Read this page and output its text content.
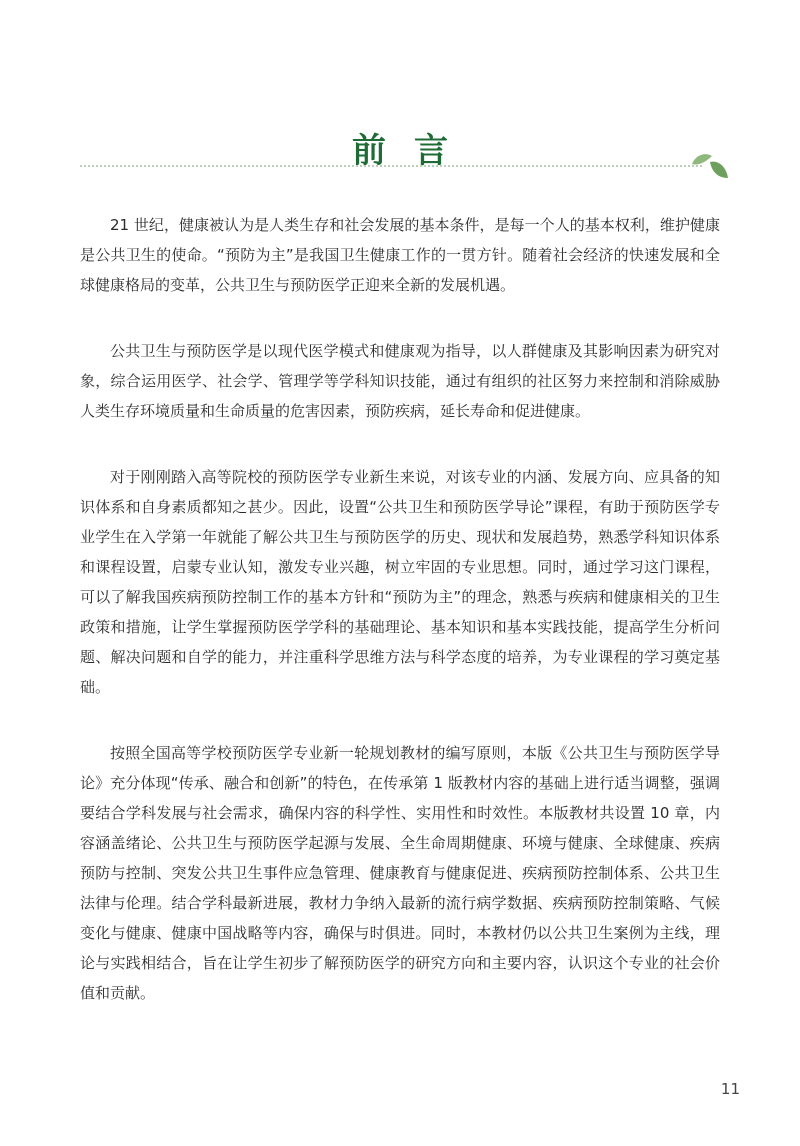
前言

21 世纪，健康被认为是人类生存和社会发展的基本条件，是每一个人的基本权利，维护健康是公共卫生的使命。“预防为主”是我国卫生健康工作的一贯方针。随着社会经济的快速发展和全球健康格局的变革，公共卫生与预防医学正迎来全新的发展机遇。

公共卫生与预防医学是以现代医学模式和健康观为指导，以人群健康及其影响因素为研究对象，综合运用医学、社会学、管理学等学科知识技能，通过有组织的社区努力来控制和消除威胁人类生存环境质量和生命质量的危害因素，预防疾病，延长寿命和促进健康。

对于刚刚踏入高等院校的预防医学专业新生来说，对该专业的内涵、发展方向、应具备的知识体系和自身素质都知之甚少。因此，设置“公共卫生和预防医学导论”课程，有助于预防医学专业学生在入学第一年就能了解公共卫生与预防医学的历史、现状和发展趋势，熟悉学科知识体系和课程设置，启蒙专业认知，激发专业兴趣，树立牢固的专业思想。同时，通过学习这门课程，可以了解我国疾病预防控制工作的基本方针和“预防为主”的理念，熟悉与疾病和健康相关的卫生政策和措施，让学生掌握预防医学学科的基础理论、基本知识和基本实践技能，提高学生分析问题、解决问题和自学的能力，并注重科学思维方法与科学态度的培养，为专业课程的学习奠定基础。

按照全国高等学校预防医学专业新一轮规划教材的编写原则，本版《公共卫生与预防医学导论》充分体现“传承、融合和创新”的特色，在传承第 1 版教材内容的基础上进行适当调整，强调要结合学科发展与社会需求，确保内容的科学性、实用性和时效性。本版教材共设置 10 章，内容涵盖绪论、公共卫生与预防医学起源与发展、全生命周期健康、环境与健康、全球健康、疾病预防与控制、突发公共卫生事件应急管理、健康教育与健康促进、疾病预防控制体系、公共卫生法律与伦理。结合学科最新进展，教材力争纳入最新的流行病学数据、疾病预防控制策略、气候变化与健康、健康中国战略等内容，确保与时俱进。同时，本教材仍以公共卫生案例为主线，理论与实践相结合，旨在让学生初步了解预防医学的研究方向和主要内容，认识这个专业的社会价值和贡献。

11
